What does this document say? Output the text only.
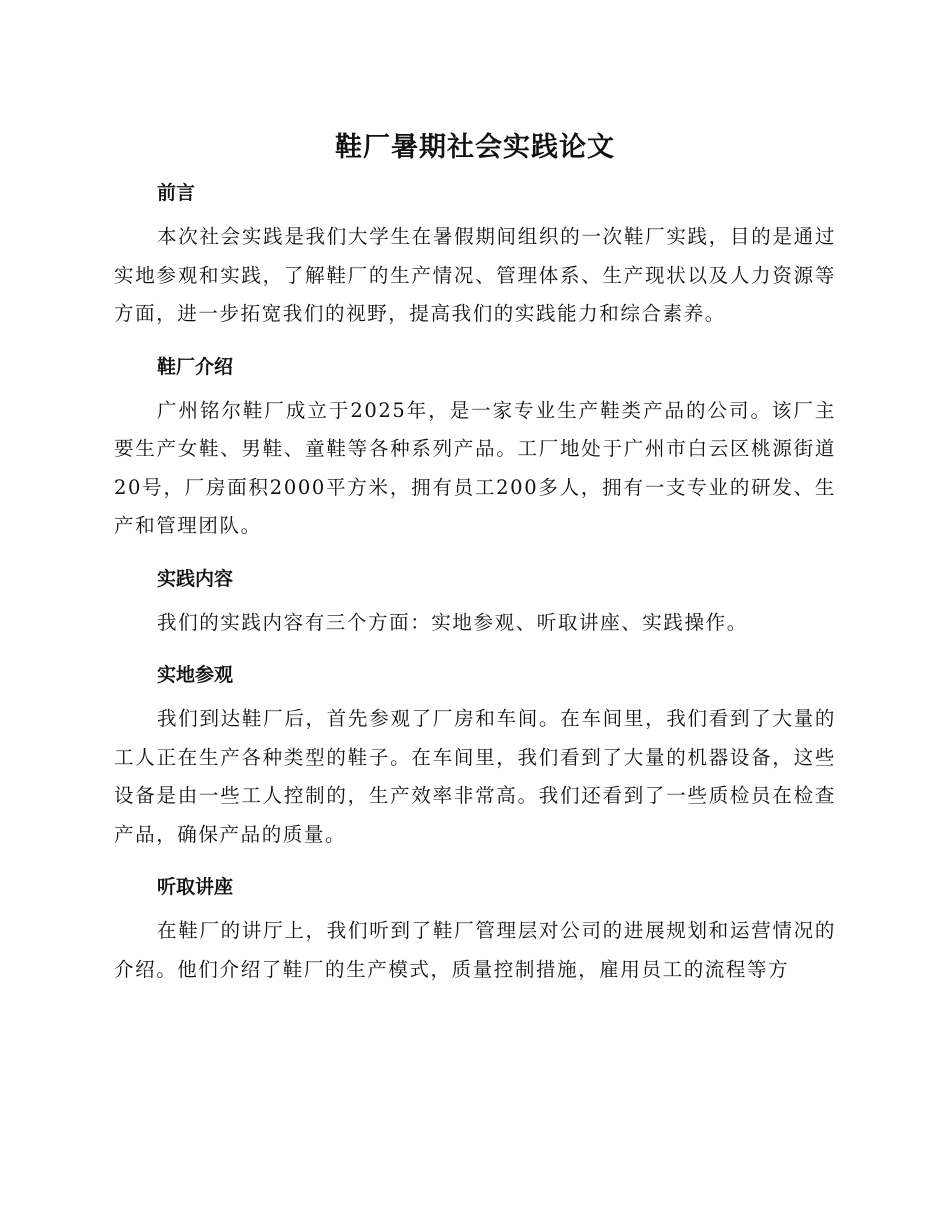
鞋厂暑期社会实践论文
前言

本次社会实践是我们大学生在暑假期间组织的一次鞋厂实践，目的是通过实地参观和实践，了解鞋厂的生产情况、管理体系、生产现状以及人力资源等方面，进一步拓宽我们的视野，提高我们的实践能力和综合素养。

鞋厂介绍

广州铭尔鞋厂成立于2025年，是一家专业生产鞋类产品的公司。该厂主要生产女鞋、男鞋、童鞋等各种系列产品。工厂地处于广州市白云区桃源街道20号，厂房面积2000平方米，拥有员工200多人，拥有一支专业的研发、生产和管理团队。

实践内容

我们的实践内容有三个方面：实地参观、听取讲座、实践操作。

实地参观

我们到达鞋厂后，首先参观了厂房和车间。在车间里，我们看到了大量的工人正在生产各种类型的鞋子。在车间里，我们看到了大量的机器设备，这些设备是由一些工人控制的，生产效率非常高。我们还看到了一些质检员在检查产品，确保产品的质量。

听取讲座

在鞋厂的讲厅上，我们听到了鞋厂管理层对公司的进展规划和运营情况的介绍。他们介绍了鞋厂的生产模式，质量控制措施，雇用员工的流程等方
